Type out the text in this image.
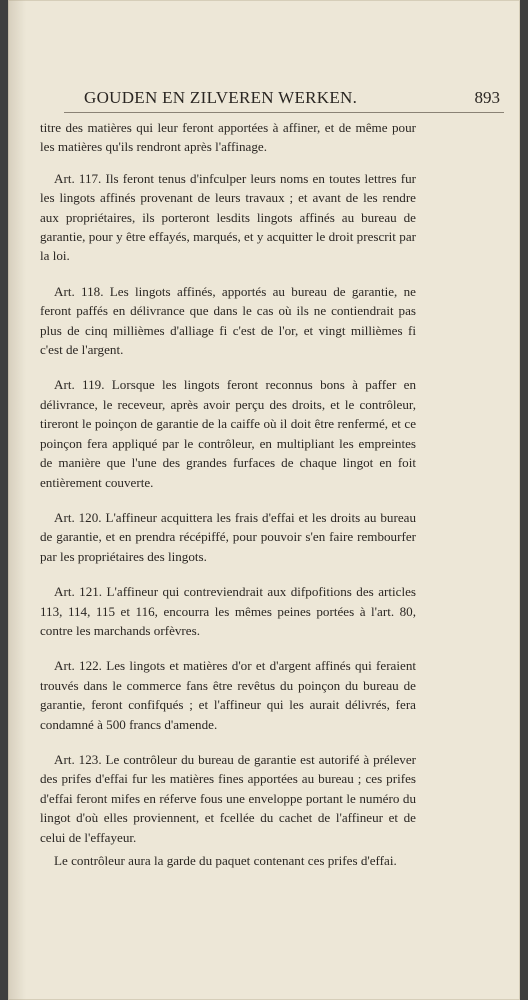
GOUDEN EN ZILVEREN WERKEN.	893

titre des matières qui leur feront apportées à affiner, et de même pour les matières qu'ils rendront après l'affinage.

Art. 117. Ils feront tenus d'infculper leurs noms en toutes lettres fur les lingots affinés provenant de leurs travaux ; et avant de les rendre aux propriétaires, ils porteront lesdits lingots affinés au bureau de garantie, pour y être effayés, marqués, et y acquitter le droit prescrit par la loi.

Art. 118. Les lingots affinés, apportés au bureau de garantie, ne feront paffés en délivrance que dans le cas où ils ne contiendrait pas plus de cinq millièmes d'alliage fi c'est de l'or, et vingt millièmes fi c'est de l'argent.

Art. 119. Lorsque les lingots feront reconnus bons à paffer en délivrance, le receveur, après avoir perçu des droits, et le contrôleur, tireront le poinçon de garantie de la caiffe où il doit être renfermé, et ce poinçon fera appliqué par le contrôleur, en multipliant les empreintes de manière que l'une des grandes furfaces de chaque lingot en foit entièrement couverte.

Art. 120. L'affineur acquittera les frais d'effai et les droits au bureau de garantie, et en prendra récépiffé, pour pouvoir s'en faire rembourfer par les propriétaires des lingots.

Art. 121. L'affineur qui contreviendrait aux difpofitions des articles 113, 114, 115 et 116, encourra les mêmes peines portées à l'art. 80, contre les marchands orfèvres.

Art. 122. Les lingots et matières d'or et d'argent affinés qui feraient trouvés dans le commerce fans être revêtus du poinçon du bureau de garantie, feront confifqués ; et l'affineur qui les aurait délivrés, fera condamné à 500 francs d'amende.

Art. 123. Le contrôleur du bureau de garantie est autorifé à prélever des prifes d'effai fur les matières fines apportées au bureau ; ces prifes d'effai feront mifes en réferve fous une enveloppe portant le numéro du lingot d'où elles proviennent, et fcellée du cachet de l'affineur et de celui de l'effayeur.

Le contrôleur aura la garde du paquet contenant ces prifes d'effai.
